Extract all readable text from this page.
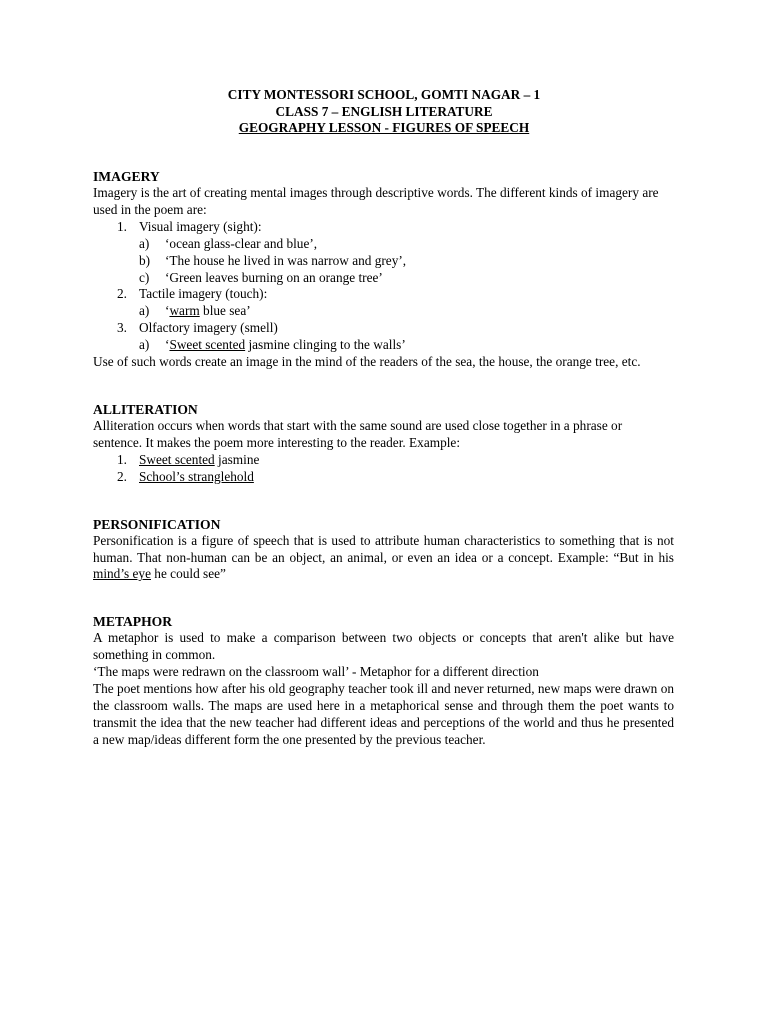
CITY MONTESSORI SCHOOL, GOMTI NAGAR – 1
CLASS 7 – ENGLISH LITERATURE
GEOGRAPHY LESSON - FIGURES OF SPEECH
IMAGERY
Imagery is the art of creating mental images through descriptive words. The different kinds of imagery are used in the poem are:
1. Visual imagery (sight):
a) ‘ocean glass-clear and blue’,
b) ‘The house he lived in was narrow and grey’,
c) ‘Green leaves burning on an orange tree’
2. Tactile imagery (touch):
a) ‘warm blue sea’
3. Olfactory imagery (smell)
a) ‘Sweet scented jasmine clinging to the walls’
Use of such words create an image in the mind of the readers of the sea, the house, the orange tree, etc.
ALLITERATION
Alliteration occurs when words that start with the same sound are used close together in a phrase or sentence. It makes the poem more interesting to the reader. Example:
1. Sweet scented jasmine
2. School’s stranglehold
PERSONIFICATION
Personification is a figure of speech that is used to attribute human characteristics to something that is not human. That non-human can be an object, an animal, or even an idea or a concept. Example: “But in his mind’s eye he could see”
METAPHOR
A metaphor is used to make a comparison between two objects or concepts that aren't alike but have something in common.
‘The maps were redrawn on the classroom wall’ - Metaphor for a different direction
The poet mentions how after his old geography teacher took ill and never returned, new maps were drawn on the classroom walls. The maps are used here in a metaphorical sense and through them the poet wants to transmit the idea that the new teacher had different ideas and perceptions of the world and thus he presented a new map/ideas different form the one presented by the previous teacher.
